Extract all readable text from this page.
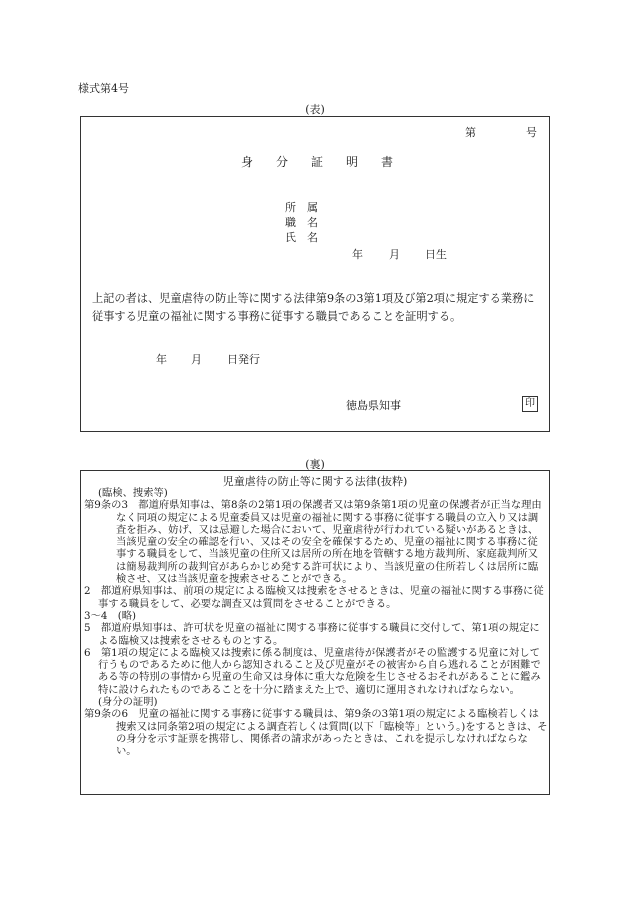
様式第4号
(表)
第	号
身 分 証 明 書
所　属
職　名
氏　名
年 月 日生
上記の者は、児童虐待の防止等に関する法律第9条の3第1項及び第2項に規定する業務に従事する児童の福祉に関する事務に従事する職員であることを証明する。
年 月 日発行
徳島県知事	印
(裏)
児童虐待の防止等に関する法律(抜粋)

(臨検、捜索等)

第9条の3　都道府県知事は、第8条の2第1項の保護者又は第9条第1項の児童の保護者が正当な理由なく同項の規定による児童委員又は児童の福祉に関する事務に従事する職員の立入り又は調査を拒み、妨げ、又は忌避した場合において、児童虐待が行われている疑いがあるときは、当該児童の安全の確認を行い、又はその安全を確保するため、児童の福祉に関する事務に従事する職員をして、当該児童の住所又は居所の所在地を管轄する地方裁判所、家庭裁判所又は簡易裁判所の裁判官があらかじめ発する許可状により、当該児童の住所若しくは居所に臨検させ、又は当該児童を捜索させることができる。

2　都道府県知事は、前項の規定による臨検又は捜索をさせるときは、児童の福祉に関する事務に従事する職員をして、必要な調査又は質問をさせることができる。

3～4　(略)

5　都道府県知事は、許可状を児童の福祉に関する事務に従事する職員に交付して、第1項の規定による臨検又は捜索をさせるものとする。

6　第1項の規定による臨検又は捜索に係る制度は、児童虐待が保護者がその監護する児童に対して行うものであるために他人から認知されること及び児童がその被害から自ら逃れることが困難である等の特別の事情から児童の生命又は身体に重大な危険を生じさせるおそれがあることに鑑み特に設けられたものであることを十分に踏まえた上で、適切に運用されなければならない。

(身分の証明)

第9条の6　児童の福祉に関する事務に従事する職員は、第9条の3第1項の規定による臨検若しくは捜索又は同条第2項の規定による調査若しくは質問(以下「臨検等」という。)をするときは、その身分を示す証票を携帯し、関係者の請求があったときは、これを提示しなければならない。
